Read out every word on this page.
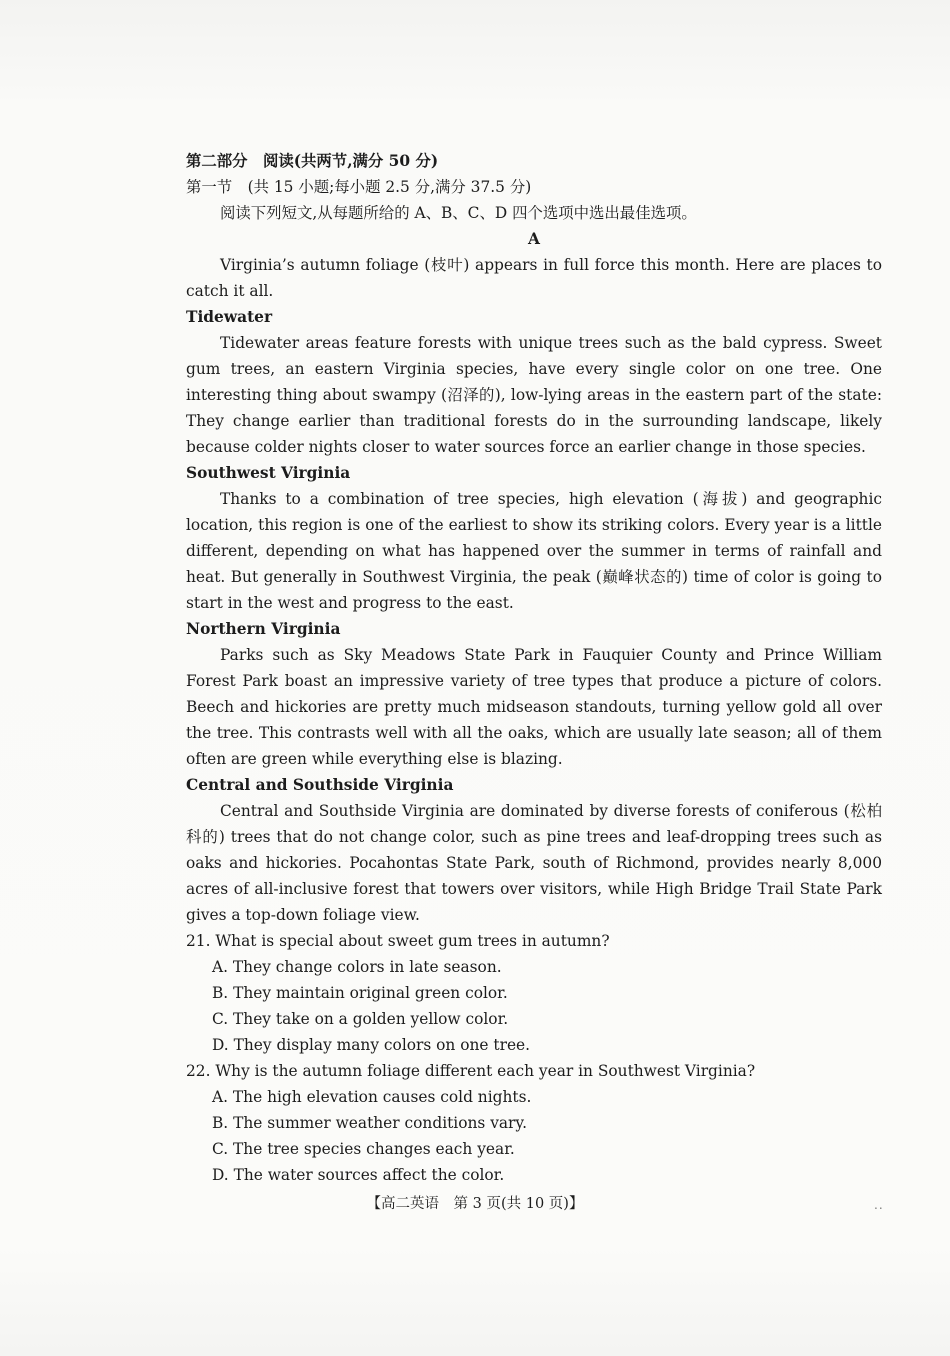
第二部分　阅读(共两节,满分 50 分)

第一节　(共 15 小题;每小题 2.5 分,满分 37.5 分)

阅读下列短文,从每题所给的 A、B、C、D 四个选项中选出最佳选项。

A

Virginia’s autumn foliage (枝叶) appears in full force this month. Here are places to catch it all.

Tidewater

Tidewater areas feature forests with unique trees such as the bald cypress. Sweet gum trees, an eastern Virginia species, have every single color on one tree. One interesting thing about swampy (沼泽的), low-lying areas in the eastern part of the state: They change earlier than traditional forests do in the surrounding landscape, likely because colder nights closer to water sources force an earlier change in those species.

Southwest Virginia

Thanks to a combination of tree species, high elevation (海拔) and geographic location, this region is one of the earliest to show its striking colors. Every year is a little different, depending on what has happened over the summer in terms of rainfall and heat. But generally in Southwest Virginia, the peak (巅峰状态的) time of color is going to start in the west and progress to the east.

Northern Virginia

Parks such as Sky Meadows State Park in Fauquier County and Prince William Forest Park boast an impressive variety of tree types that produce a picture of colors. Beech and hickories are pretty much midseason standouts, turning yellow gold all over the tree. This contrasts well with all the oaks, which are usually late season; all of them often are green while everything else is blazing.

Central and Southside Virginia

Central and Southside Virginia are dominated by diverse forests of coniferous (松柏科的) trees that do not change color, such as pine trees and leaf-dropping trees such as oaks and hickories. Pocahontas State Park, south of Richmond, provides nearly 8,000 acres of all-inclusive forest that towers over visitors, while High Bridge Trail State Park gives a top-down foliage view.

21. What is special about sweet gum trees in autumn?

A. They change colors in late season.

B. They maintain original green color.

C. They take on a golden yellow color.

D. They display many colors on one tree.

22. Why is the autumn foliage different each year in Southwest Virginia?

A. The high elevation causes cold nights.

B. The summer weather conditions vary.

C. The tree species changes each year.

D. The water sources affect the color.

【高二英语　第 3 页(共 10 页)】	..
